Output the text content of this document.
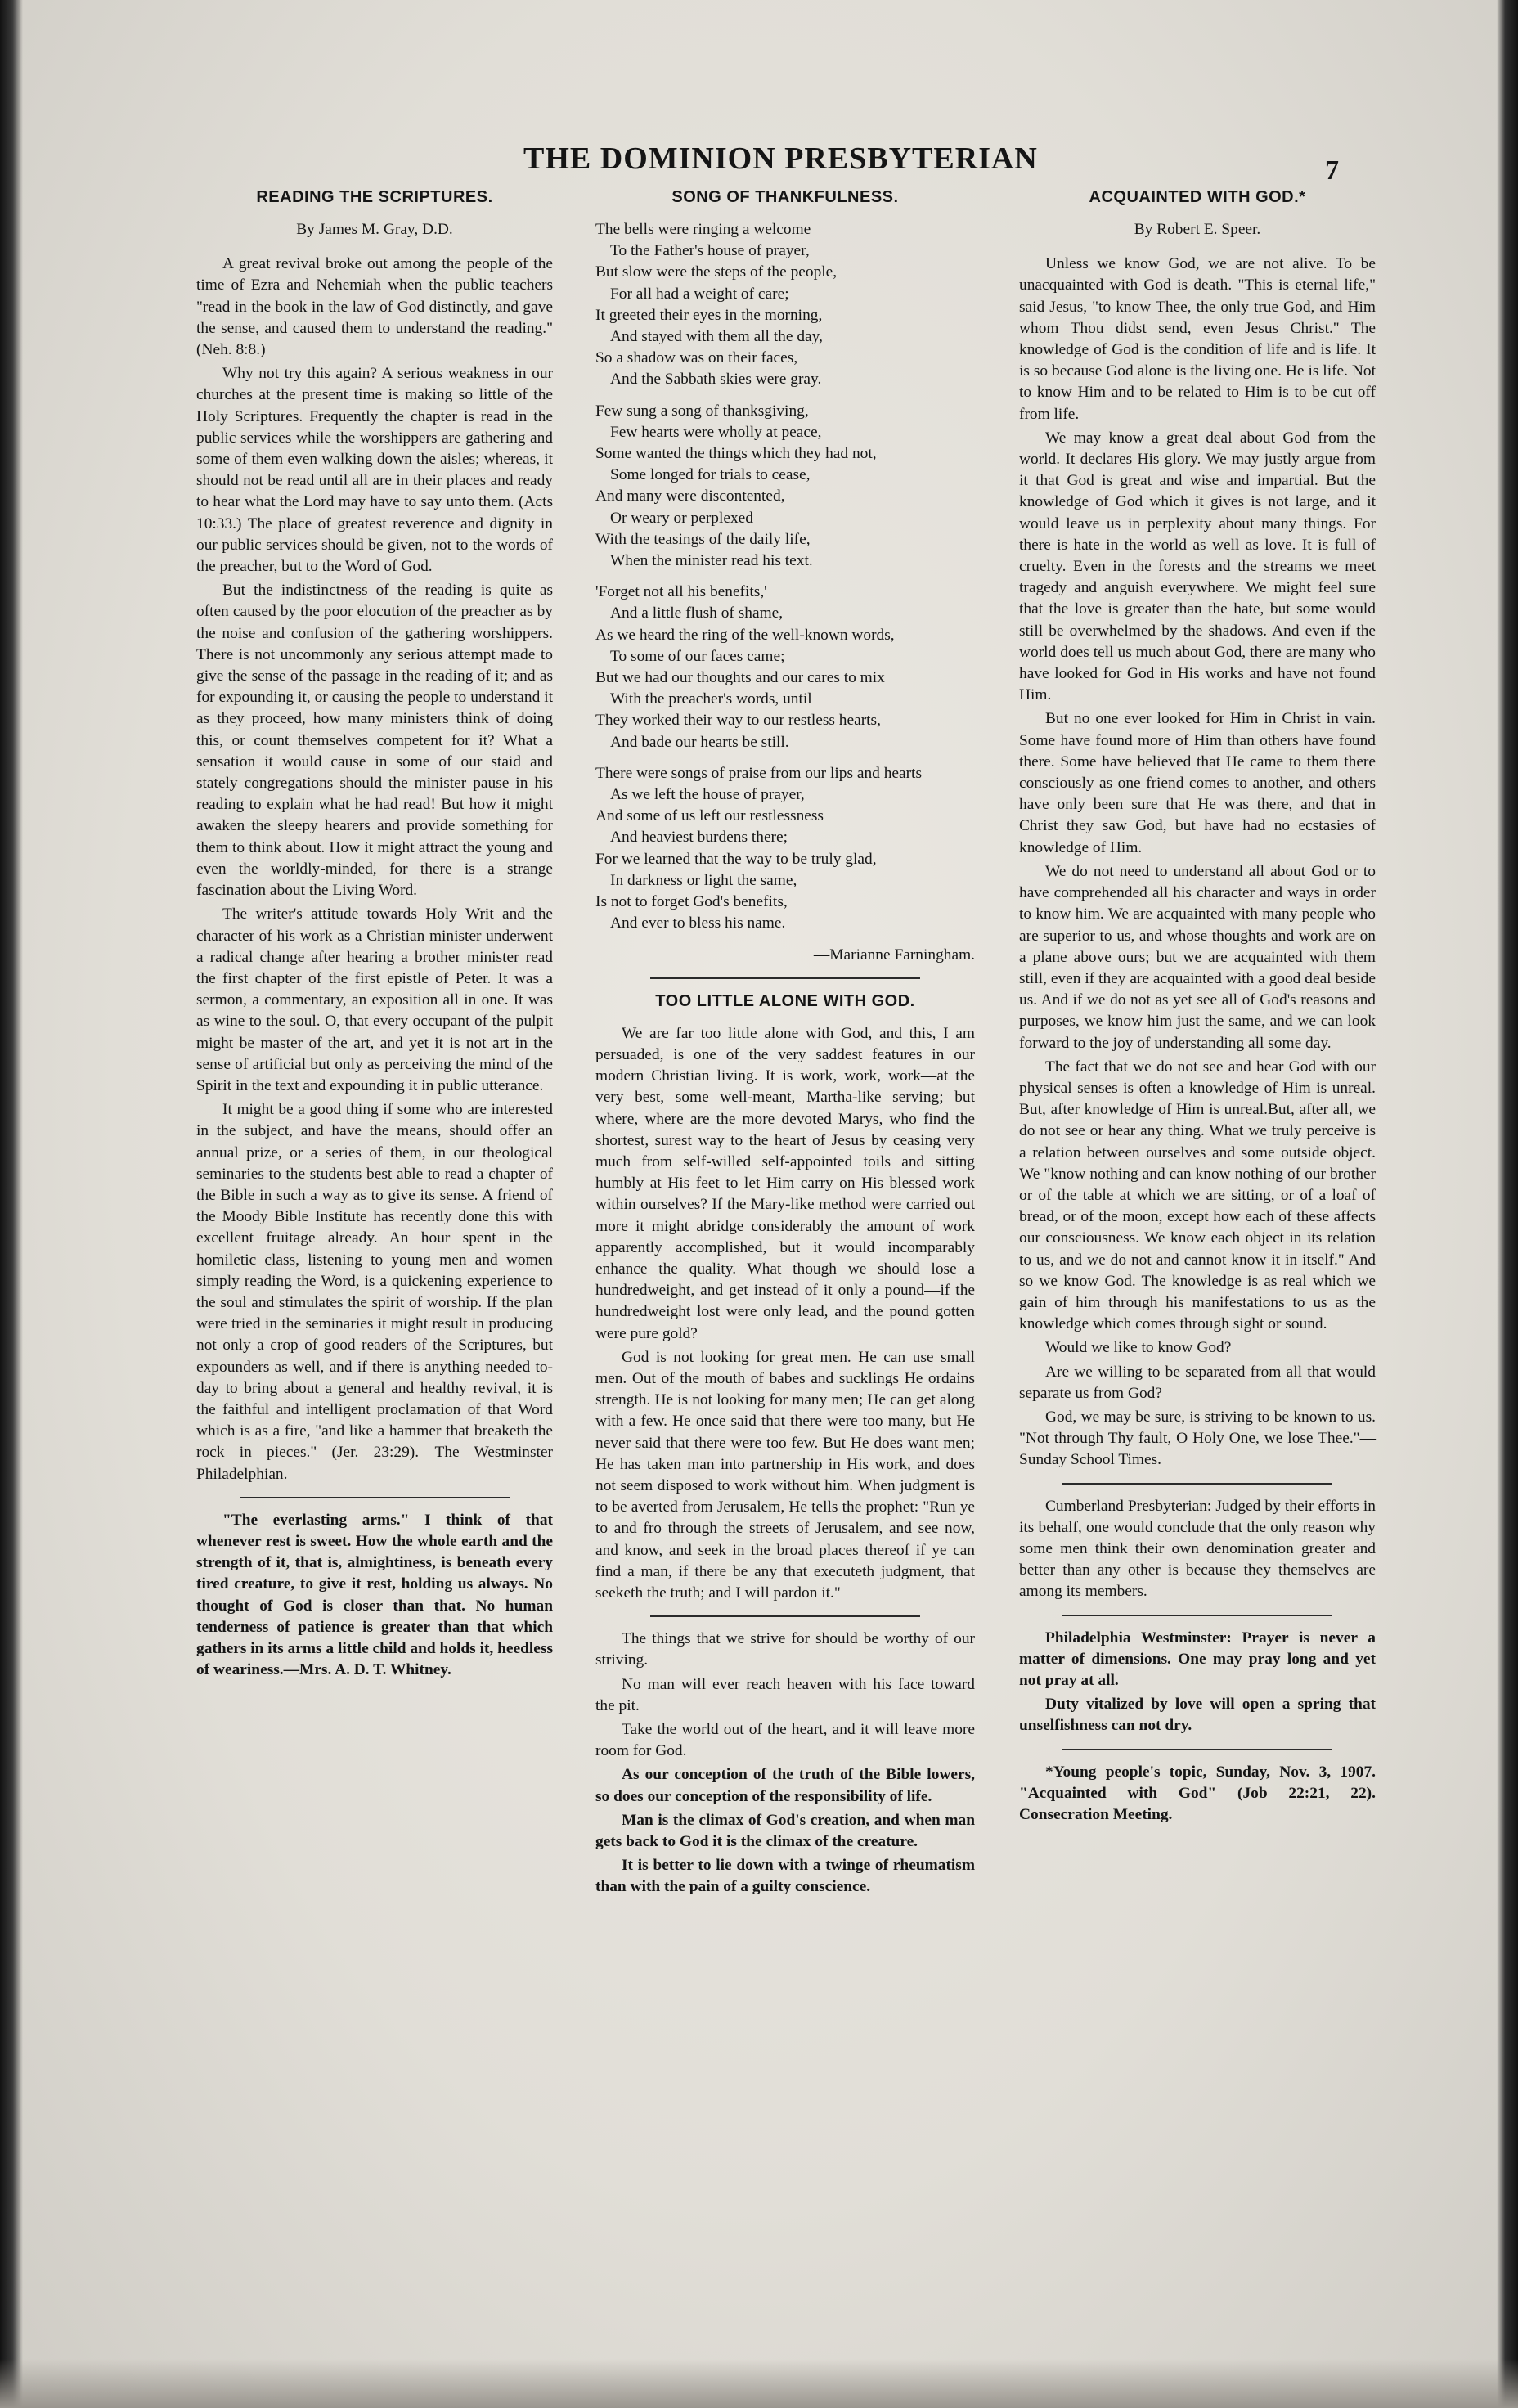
THE DOMINION PRESBYTERIAN	7
READING THE SCRIPTURES.
By James M. Gray, D.D.

A great revival broke out among the people of the time of Ezra and Nehemiah when the public teachers "read in the book in the law of God distinctly, and gave the sense, and caused them to understand the reading." (Neh. 8:8.)

Why not try this again? A serious weakness in our churches at the present time is making so little of the Holy Scriptures. Frequently the chapter is read in the public services while the worshippers are gathering and some of them even walking down the aisles; whereas, it should not be read until all are in their places and ready to hear what the Lord may have to say unto them. (Acts 10:33.) The place of greatest reverence and dignity in our public services should be given, not to the words of the preacher, but to the Word of God.

But the indistinctness of the reading is quite as often caused by the poor elocution of the preacher as by the noise and confusion of the gathering worshippers. There is not uncommonly any serious attempt made to give the sense of the passage in the reading of it; and as for expounding it, or causing the people to understand it as they proceed, how many ministers think of doing this, or count themselves competent for it? What a sensation it would cause in some of our staid and stately congregations should the minister pause in his reading to explain what he had read! But how it might awaken the sleepy hearers and provide something for them to think about. How it might attract the young and even the worldly-minded, for there is a strange fascination about the Living Word.

The writer's attitude towards Holy Writ and the character of his work as a Christian minister underwent a radical change after hearing a brother minister read the first chapter of the first epistle of Peter. It was a sermon, a commentary, an exposition all in one. It was as wine to the soul. O, that every occupant of the pulpit might be master of the art, and yet it is not art in the sense of artificial but only as perceiving the mind of the Spirit in the text and expounding it in public utterance.

It might be a good thing if some who are interested in the subject, and have the means, should offer an annual prize, or a series of them, in our theological seminaries to the students best able to read a chapter of the Bible in such a way as to give its sense. A friend of the Moody Bible Institute has recently done this with excellent fruitage already. An hour spent in the homiletic class, listening to young men and women simply reading the Word, is a quickening experience to the soul and stimulates the spirit of worship. If the plan were tried in the seminaries it might result in producing not only a crop of good readers of the Scriptures, but expounders as well, and if there is anything needed to-day to bring about a general and healthy revival, it is the faithful and intelligent proclamation of that Word which is as a fire, "and like a hammer that breaketh the rock in pieces." (Jer. 23:29).—The Westminster Philadelphian.

"The everlasting arms." I think of that whenever rest is sweet. How the whole earth and the strength of it, that is, almightiness, is beneath every tired creature, to give it rest, holding us always. No thought of God is closer than that. No human tenderness of patience is greater than that which gathers in its arms a little child and holds it, heedless of weariness.—Mrs. A. D. T. Whitney.

SONG OF THANKFULNESS.
The bells were ringing a welcome
To the Father's house of prayer,
But slow were the steps of the people,
For all had a weight of care;
It greeted their eyes in the morning,
And stayed with them all the day,
So a shadow was on their faces,
And the Sabbath skies were gray.
Few sung a song of thanksgiving,
Few hearts were wholly at peace,
Some wanted the things which they had not,
Some longed for trials to cease,
And many were discontented,
Or weary or perplexed
With the teasings of the daily life,
When the minister read his text.
'Forget not all his benefits,'
And a little flush of shame,
As we heard the ring of the well-known words,
To some of our faces came;
But we had our thoughts and our cares to mix
With the preacher's words, until
They worked their way to our restless hearts,
And bade our hearts be still.
There were songs of praise from our lips and hearts
As we left the house of prayer,
And some of us left our restlessness
And heaviest burdens there;
For we learned that the way to be truly glad,
In darkness or light the same,
Is not to forget God's benefits,
And ever to bless his name.
—Marianne Farningham.
TOO LITTLE ALONE WITH GOD.

We are far too little alone with God, and this, I am persuaded, is one of the very saddest features in our modern Christian living. It is work, work, work—at the very best, some well-meant, Martha-like serving; but where, where are the more devoted Marys, who find the shortest, surest way to the heart of Jesus by ceasing very much from self-willed self-appointed toils and sitting humbly at His feet to let Him carry on His blessed work within ourselves? If the Mary-like method were carried out more it might abridge considerably the amount of work apparently accomplished, but it would incomparably enhance the quality. What though we should lose a hundredweight, and get instead of it only a pound—if the hundredweight lost were only lead, and the pound gotten were pure gold?

God is not looking for great men. He can use small men. Out of the mouth of babes and sucklings He ordains strength. He is not looking for many men; He can get along with a few. He once said that there were too many, but He never said that there were too few. But He does want men; He has taken man into partnership in His work, and does not seem disposed to work without him. When judgment is to be averted from Jerusalem, He tells the prophet: "Run ye to and fro through the streets of Jerusalem, and see now, and know, and seek in the broad places thereof if ye can find a man, if there be any that executeth judgment, that seeketh the truth; and I will pardon it."

The things that we strive for should be worthy of our striving.

No man will ever reach heaven with his face toward the pit.

Take the world out of the heart, and it will leave more room for God.

As our conception of the truth of the Bible lowers, so does our conception of the responsibility of life.

Man is the climax of God's creation, and when man gets back to God it is the climax of the creature.

It is better to lie down with a twinge of rheumatism than with the pain of a guilty conscience.

ACQUAINTED WITH GOD.*
By Robert E. Speer.

Unless we know God, we are not alive. To be unacquainted with God is death. "This is eternal life," said Jesus, "to know Thee, the only true God, and Him whom Thou didst send, even Jesus Christ." The knowledge of God is the condition of life and is life. It is so because God alone is the living one. He is life. Not to know Him and to be related to Him is to be cut off from life.

We may know a great deal about God from the world. It declares His glory. We may justly argue from it that God is great and wise and impartial. But the knowledge of God which it gives is not large, and it would leave us in perplexity about many things. For there is hate in the world as well as love. It is full of cruelty. Even in the forests and the streams we meet tragedy and anguish everywhere. We might feel sure that the love is greater than the hate, but some would still be overwhelmed by the shadows. And even if the world does tell us much about God, there are many who have looked for God in His works and have not found Him.

But no one ever looked for Him in Christ in vain. Some have found more of Him than others have found there. Some have believed that He came to them there consciously as one friend comes to another, and others have only been sure that He was there, and that in Christ they saw God, but have had no ecstasies of knowledge of Him.

We do not need to understand all about God or to have comprehended all his character and ways in order to know him. We are acquainted with many people who are superior to us, and whose thoughts and work are on a plane above ours; but we are acquainted with them still, even if they are acquainted with a good deal beside us. And if we do not as yet see all of God's reasons and purposes, we know him just the same, and we can look forward to the joy of understanding all some day.

The fact that we do not see and hear God with our physical senses is often a knowledge of Him is unreal. But, after knowledge of Him is unreal.But, after all, we do not see or hear any thing. What we truly perceive is a relation between ourselves and some outside object. We "know nothing and can know nothing of our brother or of the table at which we are sitting, or of a loaf of bread, or of the moon, except how each of these affects our consciousness. We know each object in its relation to us, and we do not and cannot know it in itself." And so we know God. The knowledge is as real which we gain of him through his manifestations to us as the knowledge which comes through sight or sound.

Would we like to know God?

Are we willing to be separated from all that would separate us from God?

God, we may be sure, is striving to be known to us. "Not through Thy fault, O Holy One, we lose Thee."—Sunday School Times.

Cumberland Presbyterian: Judged by their efforts in its behalf, one would conclude that the only reason why some men think their own denomination greater and better than any other is because they themselves are among its members.

Philadelphia Westminster: Prayer is never a matter of dimensions. One may pray long and yet not pray at all.

Duty vitalized by love will open a spring that unselfishness can not dry.

*Young people's topic, Sunday, Nov. 3, 1907. "Acquainted with God" (Job 22:21, 22). Consecration Meeting.
